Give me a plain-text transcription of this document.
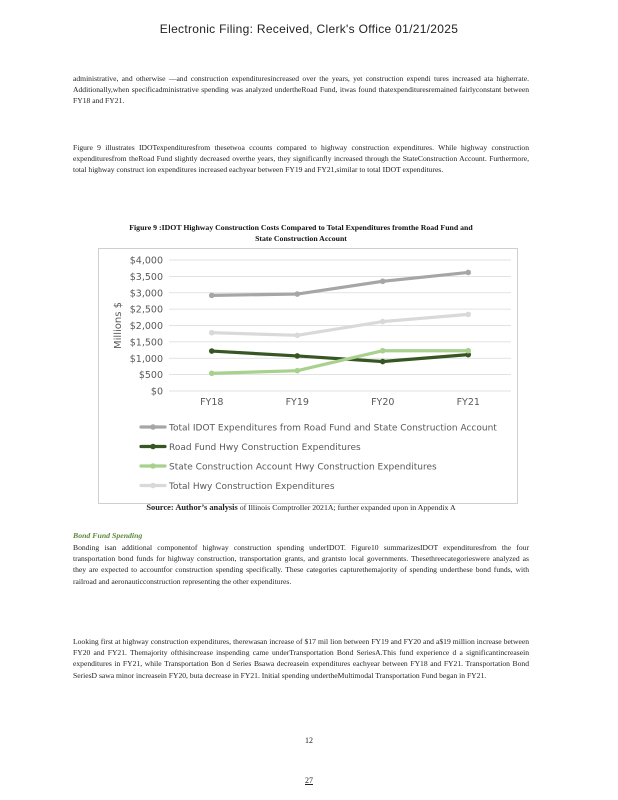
Electronic Filing: Received, Clerk's Office 01/21/2025

administrative, and otherwise —and construction expendituresincreased over the years, yet construction expendi tures increased ata higherrate. Additionally,when specificadministrative spending was analyzed undertheRoad Fund, itwas found thatexpendituresremained fairlyconstant between FY18 and FY21.

Figure 9 illustrates IDOTexpendituresfrom thesetwoa ccounts compared to highway construction expenditures. While highway construction expendituresfrom theRoad Fund slightly decreased overthe years, they significanfly increased through the StateConstruction Account. Furthermore, total highway construct ion expenditures increased eachyear between FY19 and FY21,similar to total IDOT expenditures.

Figure 9 :IDOT Highway Construction Costs Compared to Total Expenditures fromthe Road Fund and
State Construction Account
$0
$500
$1,000
$1,500
$2,000
$2,500
$3,000
$3,500
$4,000
Millions $
FY18	FY19	FY20	FY21
Total IDOT Expenditures from Road Fund and State Construction Account
Road Fund Hwy Construction Expenditures
State Construction Account Hwy Construction Expenditures
Total Hwy Construction Expenditures
Source: Author’s analysis of Illinois Comptroller 2021A; further expanded upon in Appendix A
Bond Fund Spending

Bonding isan additional componentof highway construction spending underIDOT. Figure10 summarizesIDOT expendituresfrom the four transportation bond funds for highway construction, transportation grants, and grantsto local governments. Thesethreecategorieswere analyzed as they are expected to accountfor construction spending specifically. These categories capturethemajority of spending underthese bond funds, with railroad and aeronauticconstruction representing the other expenditures.

Looking first at highway construction expenditures, therewasan increase of $17 mil lion between FY19 and FY20 and a$19 million increase between FY20 and FY21. Themajority ofthisincrease inspending came underTransportation Bond SeriesA.This fund experience d a significantincreasein expenditures in FY21, while Transportation Bon d Series Bsawa decreasein expenditures eachyear between FY18 and FY21. Transportation Bond SeriesD sawa minor increasein FY20, buta decrease in FY21. Initial spending undertheMultimodal Transportation Fund began in FY21.

12
27
